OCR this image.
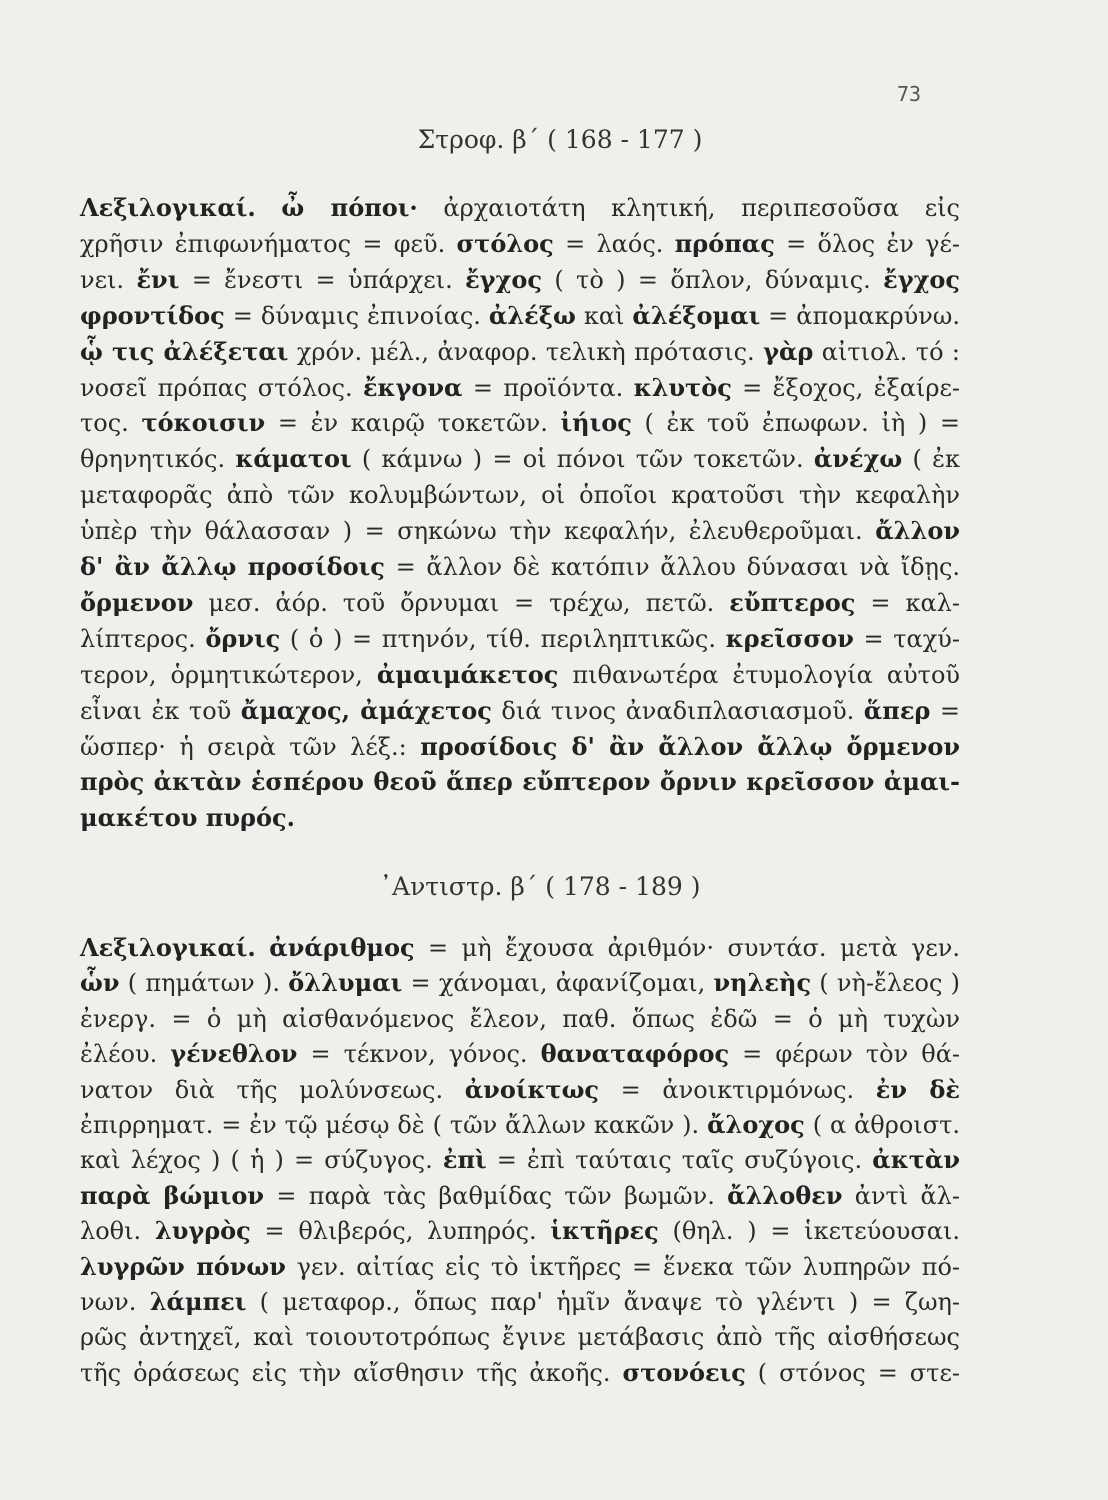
73
Στροφ. β΄ ( 168 - 177 )
Λεξιλογικαί. ὦ πόποι· ἀρχαιοτάτη κλητική, περιπεσοῦσα εἰς
χρῆσιν ἐπιφωνήματος = φεῦ. στόλος = λαός. πρόπας = ὅλος ἐν γέ-
νει. ἔνι = ἔνεστι = ὑπάρχει. ἔγχος ( τὸ ) = ὅπλον, δύναμις. ἔγχος
φροντίδος = δύναμις ἐπινοίας. ἀλέξω καὶ ἀλέξομαι = ἀπομακρύνω.
ᾧ τις ἀλέξεται χρόν. μέλ., ἀναφορ. τελικὴ πρότασις. γὰρ αἰτιολ. τό :
νοσεῖ πρόπας στόλος. ἔκγονα = προϊόντα. κλυτὸς = ἔξοχος, ἐξαίρε-
τος. τόκοισιν = ἐν καιρῷ τοκετῶν. ἰήιος ( ἐκ τοῦ ἐπωφων. ἰὴ ) =
θρηνητικός. κάματοι ( κάμνω ) = οἱ πόνοι τῶν τοκετῶν. ἀνέχω ( ἐκ
μεταφορᾶς ἀπὸ τῶν κολυμβώντων, οἱ ὁποῖοι κρατοῦσι τὴν κεφαλὴν
ὑπὲρ τὴν θάλασσαν ) = σηκώνω τὴν κεφαλήν, ἐλευθεροῦμαι. ἄλλον
δ' ἂν ἄλλῳ προσίδοις = ἄλλον δὲ κατόπιν ἄλλου δύνασαι νὰ ἴδῃς.
ὄρμενον μεσ. ἀόρ. τοῦ ὄρνυμαι = τρέχω, πετῶ. εὔπτερος = καλ-
λίπτερος. ὄρνις ( ὁ ) = πτηνόν, τίθ. περιληπτικῶς. κρεῖσσον = ταχύ-
τερον, ὁρμητικώτερον, ἀμαιμάκετος πιθανωτέρα ἐτυμολογία αὐτοῦ
εἶναι ἐκ τοῦ ἄμαχος, ἀμάχετος διά τινος ἀναδιπλασιασμοῦ. ἅπερ =
ὥσπερ· ἡ σειρὰ τῶν λέξ.: προσίδοις δ' ἂν ἄλλον ἄλλῳ ὄρμενον
πρὸς ἀκτὰν ἑσπέρου θεοῦ ἅπερ εὔπτερον ὄρνιν κρεῖσσον ἀμαι-
μακέτου πυρός.
᾿Αντιστρ. β΄ ( 178 - 189 )
Λεξιλογικαί. ἀνάριθμος = μὴ ἔχουσα ἀριθμόν· συντάσ. μετὰ γεν.
ὧν ( πημάτων ). ὄλλυμαι = χάνομαι, ἀφανίζομαι, νηλεὴς ( νὴ-ἔλεος )
ἐνεργ. = ὁ μὴ αἰσθανόμενος ἔλεον, παθ. ὅπως ἐδῶ = ὁ μὴ τυχὼν
ἐλέου. γένεθλον = τέκνον, γόνος. θαναταφόρος = φέρων τὸν θά-
νατον διὰ τῆς μολύνσεως. ἀνοίκτως = ἀνοικτιρμόνως. ἐν δὲ
ἐπιρρηματ. = ἐν τῷ μέσῳ δὲ ( τῶν ἄλλων κακῶν ). ἄλοχος ( α ἀθροιστ.
καὶ λέχος ) ( ἡ ) = σύζυγος. ἐπὶ = ἐπὶ ταύταις ταῖς συζύγοις. ἀκτὰν
παρὰ βώμιον = παρὰ τὰς βαθμίδας τῶν βωμῶν. ἄλλοθεν ἀντὶ ἄλ-
λοθι. λυγρὸς = θλιβερός, λυπηρός. ἱκτῆρες (θηλ. ) = ἱκετεύουσαι.
λυγρῶν πόνων γεν. αἰτίας εἰς τὸ ἱκτῆρες = ἕνεκα τῶν λυπηρῶν πό-
νων. λάμπει ( μεταφορ., ὅπως παρ' ἡμῖν ἄναψε τὸ γλέντι ) = ζωη-
ρῶς ἀντηχεῖ, καὶ τοιουτοτρόπως ἔγινε μετάβασις ἀπὸ τῆς αἰσθήσεως
τῆς ὁράσεως εἰς τὴν αἴσθησιν τῆς ἀκοῆς. στονόεις ( στόνος = στε-
